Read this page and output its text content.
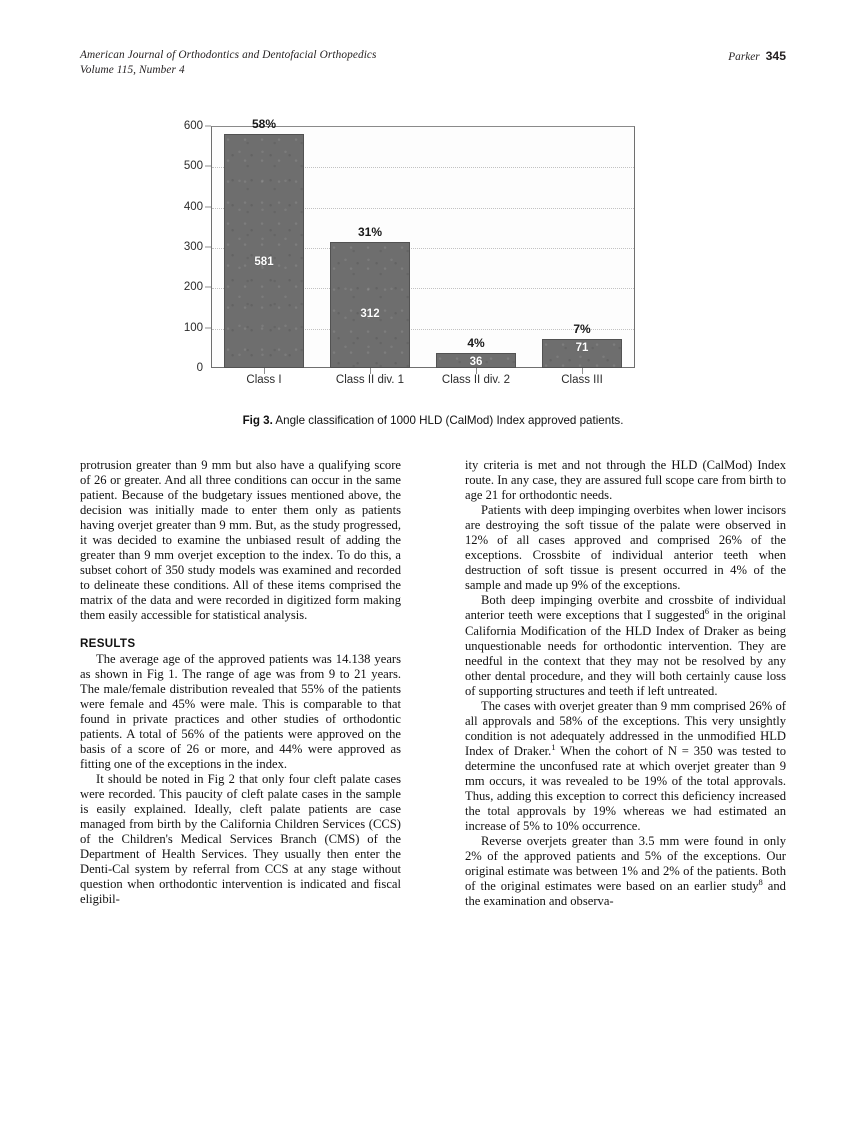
American Journal of Orthodontics and Dentofacial Orthopedics
Volume 115, Number 4
Parker 345
0
100
200
300
400
500
600
581
58%
312
31%
36
4%	71
7%
Class I	Class II div. 1	Class II div. 2	Class III
Fig 3. Angle classification of 1000 HLD (CalMod) Index approved patients.

protrusion greater than 9 mm but also have a qualifying score of 26 or greater. And all three conditions can occur in the same patient. Because of the budgetary issues mentioned above, the decision was initially made to enter them only as patients having overjet greater than 9 mm. But, as the study progressed, it was decided to examine the unbiased result of adding the greater than 9 mm overjet exception to the index. To do this, a subset cohort of 350 study models was examined and recorded to delineate these conditions. All of these items comprised the matrix of the data and were recorded in digitized form making them easily accessible for statistical analysis.

RESULTS

The average age of the approved patients was 14.138 years as shown in Fig 1. The range of age was from 9 to 21 years. The male/female distribution revealed that 55% of the patients were female and 45% were male. This is comparable to that found in private practices and other studies of orthodontic patients. A total of 56% of the patients were approved on the basis of a score of 26 or more, and 44% were approved as fitting one of the exceptions in the index.

It should be noted in Fig 2 that only four cleft palate cases were recorded. This paucity of cleft palate cases in the sample is easily explained. Ideally, cleft palate patients are case managed from birth by the California Children Services (CCS) of the Children's Medical Services Branch (CMS) of the Department of Health Services. They usually then enter the Denti-Cal system by referral from CCS at any stage without question when orthodontic intervention is indicated and fiscal eligibil-

ity criteria is met and not through the HLD (CalMod) Index route. In any case, they are assured full scope care from birth to age 21 for orthodontic needs.

Patients with deep impinging overbites when lower incisors are destroying the soft tissue of the palate were observed in 12% of all cases approved and comprised 26% of the exceptions. Crossbite of individual anterior teeth when destruction of soft tissue is present occurred in 4% of the sample and made up 9% of the exceptions.

Both deep impinging overbite and crossbite of individual anterior teeth were exceptions that I suggested$^6$ in the original California Modification of the HLD Index of Draker as being unquestionable needs for orthodontic intervention. They are needful in the context that they may not be resolved by any other dental procedure, and they will both certainly cause loss of supporting structures and teeth if left untreated.

The cases with overjet greater than 9 mm comprised 26% of all approvals and 58% of the exceptions. This very unsightly condition is not adequately addressed in the unmodified HLD Index of Draker.$^1$ When the cohort of N = 350 was tested to determine the unconfused rate at which overjet greater than 9 mm occurs, it was revealed to be 19% of the total approvals. Thus, adding this exception to correct this deficiency increased the total approvals by 19% whereas we had estimated an increase of 5% to 10% occurrence.

Reverse overjets greater than 3.5 mm were found in only 2% of the approved patients and 5% of the exceptions. Our original estimate was between 1% and 2% of the patients. Both of the original estimates were based on an earlier study$^8$ and the examination and observa-
